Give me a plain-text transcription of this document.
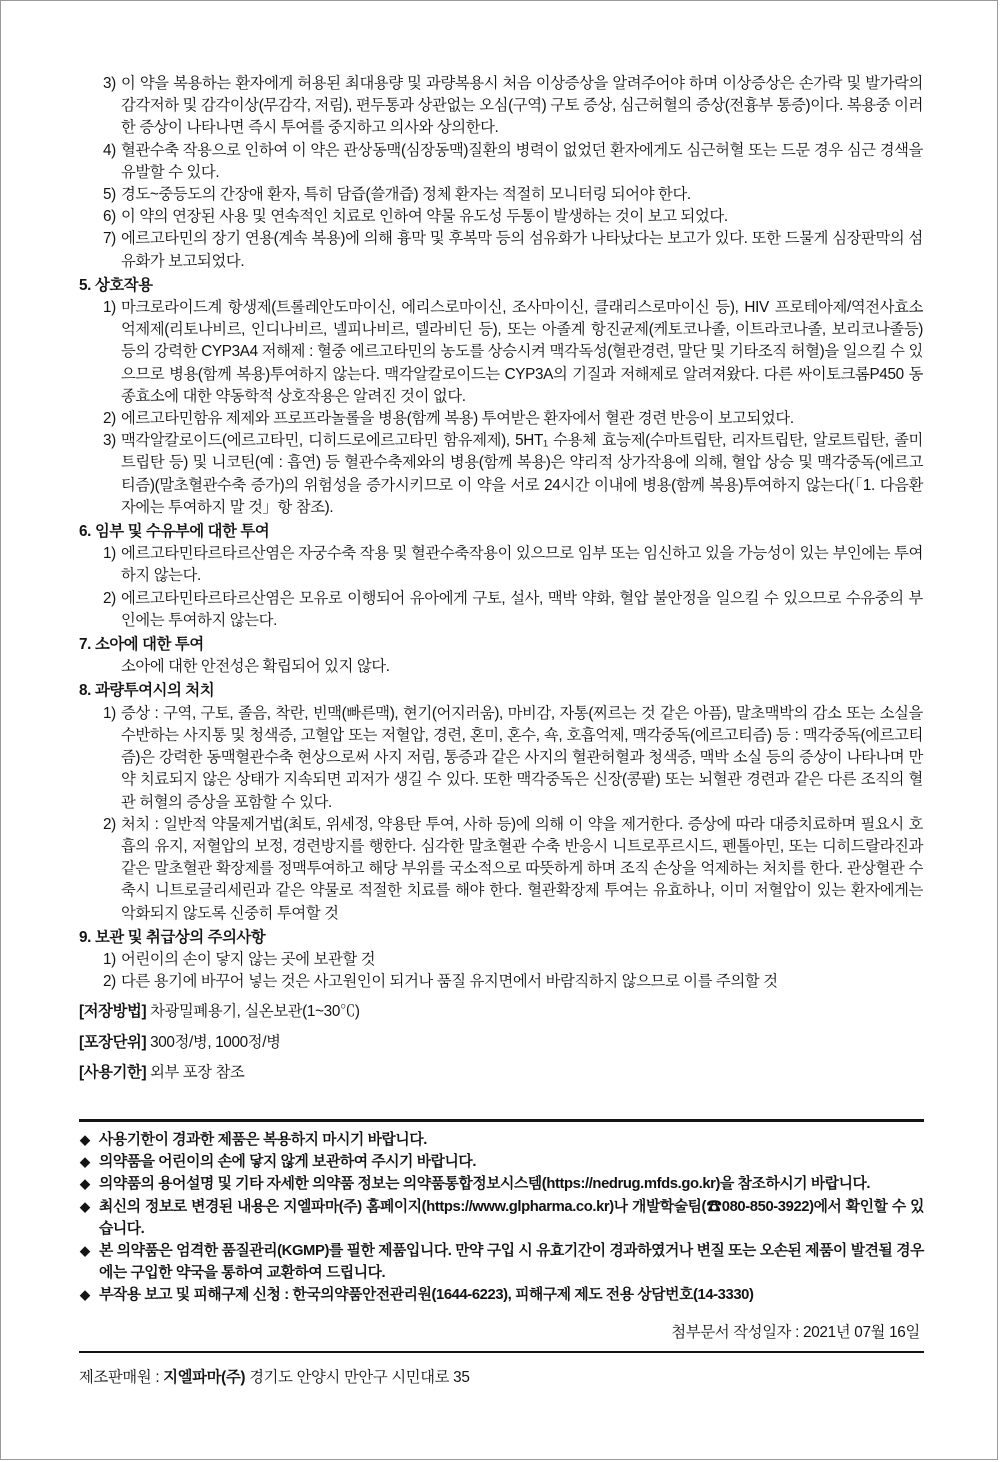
3) 이 약을 복용하는 환자에게 허용된 최대용량 및 과량복용시 처음 이상증상을 알려주어야 하며 이상증상은 손가락 및 발가락의 감각저하 및 감각이상(무감각, 저림), 편두통과 상관없는 오심(구역) 구토 증상, 심근허혈의 증상(전흉부 통증)이다. 복용중 이러한 증상이 나타나면 즉시 투여를 중지하고 의사와 상의한다.
4) 혈관수축 작용으로 인하여 이 약은 관상동맥(심장동맥)질환의 병력이 없었던 환자에게도 심근허혈 또는 드문 경우 심근 경색을 유발할 수 있다.
5) 경도~중등도의 간장애 환자, 특히 담즙(쓸개즙) 정체 환자는 적절히 모니터링 되어야 한다.
6) 이 약의 연장된 사용 및 연속적인 치료로 인하여 약물 유도성 두통이 발생하는 것이 보고 되었다.
7) 에르고타민의 장기 연용(계속 복용)에 의해 흉막 및 후복막 등의 섬유화가 나타났다는 보고가 있다. 또한 드물게 심장판막의 섬유화가 보고되었다.
5. 상호작용
1) 마크로라이드계 항생제(트롤레안도마이신, 에리스로마이신, 조사마이신, 클래리스로마이신 등), HIV 프로테아제/역전사효소억제제(리토나비르, 인디나비르, 넬피나비르, 델라비딘 등), 또는 아졸계 항진균제(케토코나졸, 이트라코나졸, 보리코나졸등) 등의 강력한 CYP3A4 저해제 : 혈중 에르고타민의 농도를 상승시켜 맥각독성(혈관경련, 말단 및 기타조직 허혈)을 일으킬 수 있으므로 병용(함께 복용)투여하지 않는다. 맥각알칼로이드는 CYP3A의 기질과 저해제로 알려져왔다. 다른 싸이토크롬P450 동종효소에 대한 약동학적 상호작용은 알려진 것이 없다.
2) 에르고타민함유 제제와 프로프라놀롤을 병용(함께 복용) 투여받은 환자에서 혈관 경련 반응이 보고되었다.
3) 맥각알칼로이드(에르고타민, 디히드로에르고타민 함유제제), 5HT₁ 수용체 효능제(수마트립탄, 리자트립탄, 알로트립탄, 졸미트립탄 등) 및 니코틴(예 : 흡연) 등 혈관수축제와의 병용(함께 복용)은 약리적 상가작용에 의해, 혈압 상승 및 맥각중독(에르고티즘)(말초혈관수축 증가)의 위험성을 증가시키므로 이 약을 서로 24시간 이내에 병용(함께 복용)투여하지 않는다(「1. 다음환자에는 투여하지 말 것」항 참조).
6. 임부 및 수유부에 대한 투여
1) 에르고타민타르타르산염은 자궁수축 작용 및 혈관수축작용이 있으므로 임부 또는 임신하고 있을 가능성이 있는 부인에는 투여하지 않는다.
2) 에르고타민타르타르산염은 모유로 이행되어 유아에게 구토, 설사, 맥박 약화, 혈압 불안정을 일으킬 수 있으므로 수유중의 부인에는 투여하지 않는다.
7. 소아에 대한 투여
소아에 대한 안전성은 확립되어 있지 않다.
8. 과량투여시의 처치
1) 증상 : 구역, 구토, 졸음, 착란, 빈맥(빠른맥), 현기(어지러움), 마비감, 자통(찌르는 것 같은 아픔), 말초맥박의 감소 또는 소실을 수반하는 사지통 및 청색증, 고혈압 또는 저혈압, 경련, 혼미, 혼수, 쇽, 호흡억제, 맥각중독(에르고티즘) 등 : 맥각중독(에르고티즘)은 강력한 동맥혈관수축 현상으로써 사지 저림, 통증과 같은 사지의 혈관허혈과 청색증, 맥박 소실 등의 증상이 나타나며 만약 치료되지 않은 상태가 지속되면 괴저가 생길 수 있다. 또한 맥각중독은 신장(콩팥) 또는 뇌혈관 경련과 같은 다른 조직의 혈관 허혈의 증상을 포함할 수 있다.
2) 처치 : 일반적 약물제거법(최토, 위세정, 약용탄 투여, 사하 등)에 의해 이 약을 제거한다. 증상에 따라 대증치료하며 필요시 호흡의 유지, 저혈압의 보정, 경련방지를 행한다. 심각한 말초혈관 수축 반응시 니트로푸르시드, 펜톨아민, 또는 디히드랄라진과 같은 말초혈관 확장제를 정맥투여하고 해당 부위를 국소적으로 따뜻하게 하며 조직 손상을 억제하는 처치를 한다. 관상혈관 수축시 니트로글리세린과 같은 약물로 적절한 치료를 해야 한다. 혈관확장제 투여는 유효하나, 이미 저혈압이 있는 환자에게는 악화되지 않도록 신중히 투여할 것
9. 보관 및 취급상의 주의사항
1) 어린이의 손이 닿지 않는 곳에 보관할 것
2) 다른 용기에 바꾸어 넣는 것은 사고원인이 되거나 품질 유지면에서 바람직하지 않으므로 이를 주의할 것
[저장방법] 차광밀폐용기, 실온보관(1~30℃)
[포장단위] 300정/병, 1000정/병
[사용기한] 외부 포장 참조
◆ 사용기한이 경과한 제품은 복용하지 마시기 바랍니다.
◆ 의약품을 어린이의 손에 닿지 않게 보관하여 주시기 바랍니다.
◆ 의약품의 용어설명 및 기타 자세한 의약품 정보는 의약품통합정보시스템(https://nedrug.mfds.go.kr)을 참조하시기 바랍니다.
◆ 최신의 정보로 변경된 내용은 지엘파마(주) 홈페이지(https://www.glpharma.co.kr)나 개발학술팀(☎080-850-3922)에서 확인할 수 있습니다.
◆ 본 의약품은 엄격한 품질관리(KGMP)를 필한 제품입니다. 만약 구입 시 유효기간이 경과하였거나 변질 또는 오손된 제품이 발견될 경우에는 구입한 약국을 통하여 교환하여 드립니다.
◆ 부작용 보고 및 피해구제 신청 : 한국의약품안전관리원(1644-6223), 피해구제 제도 전용 상담번호(14-3330)
첨부문서 작성일자 : 2021년 07월 16일
제조판매원 : 지엘파마(주) 경기도 안양시 만안구 시민대로 35
